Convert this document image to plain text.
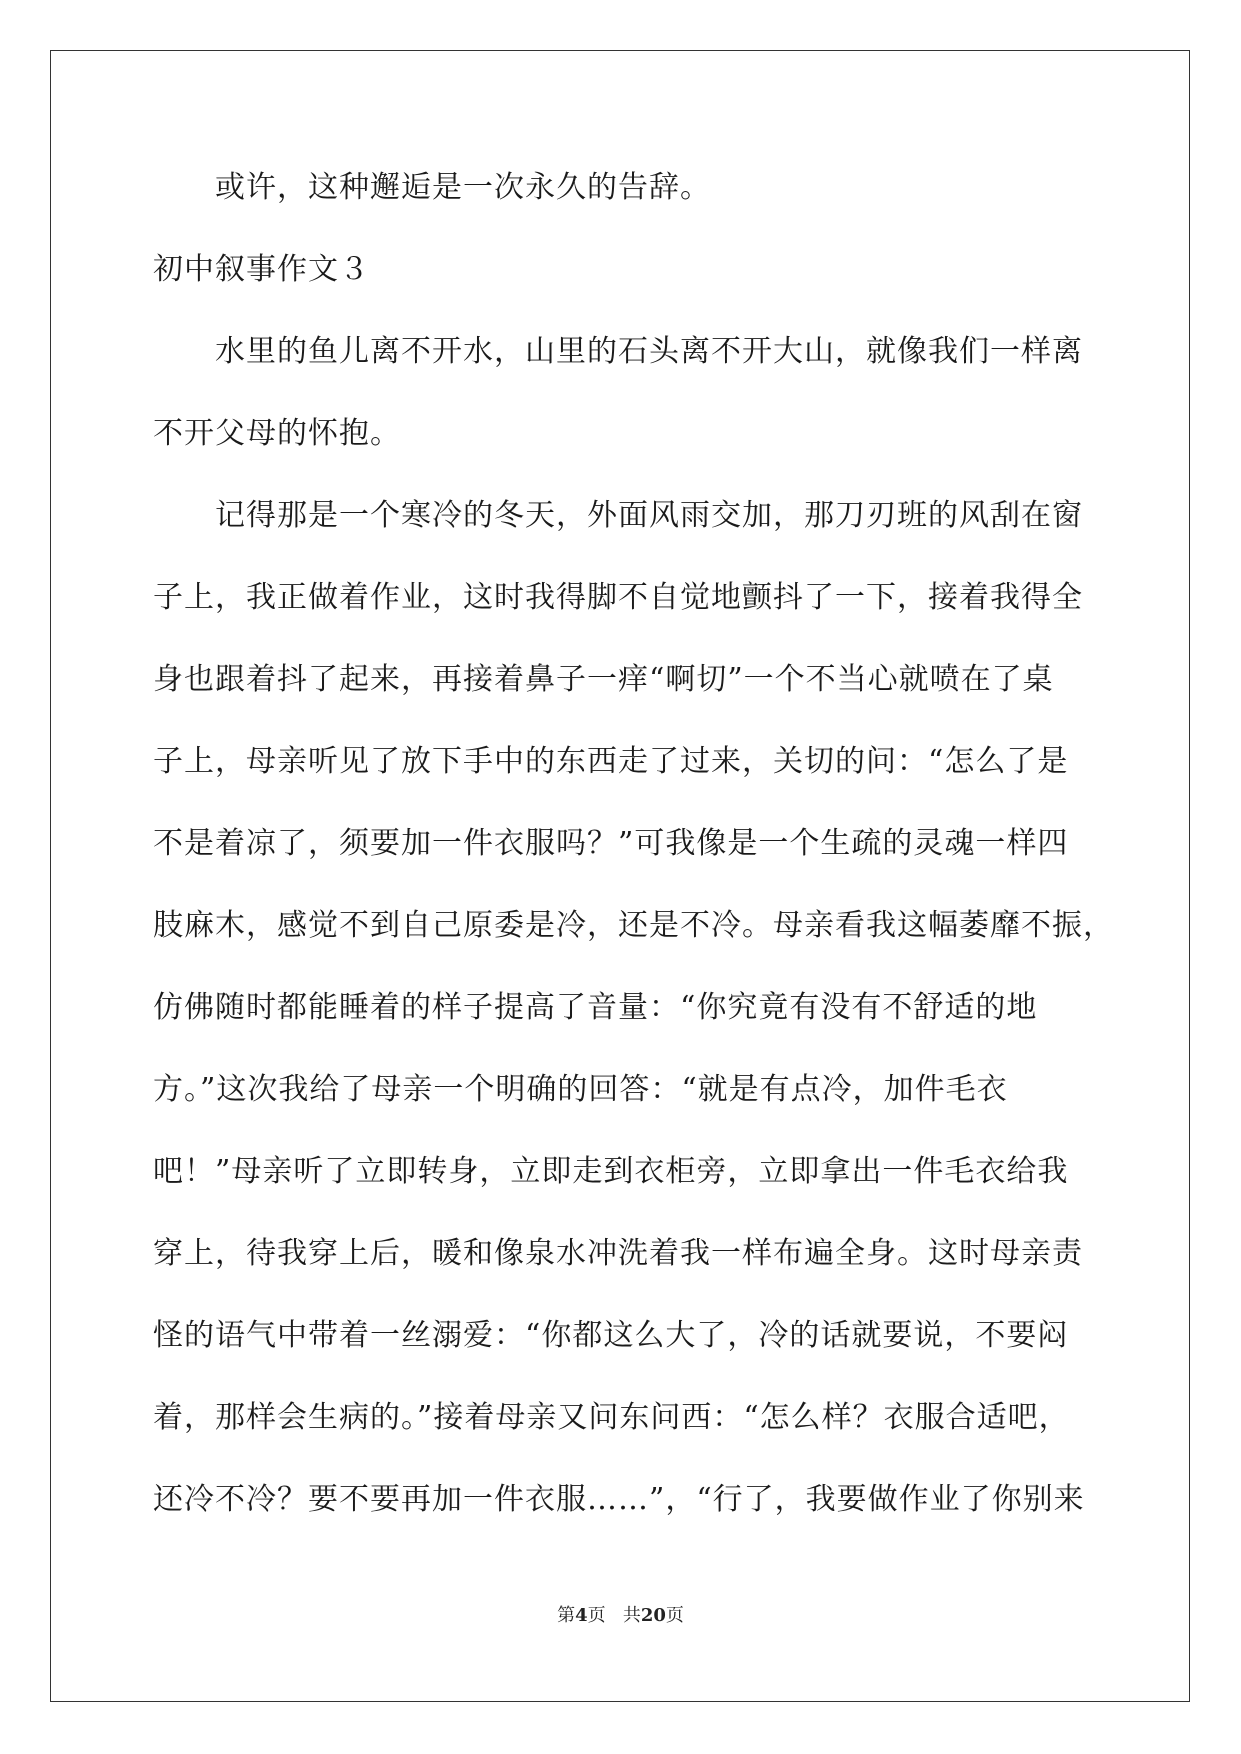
或许，这种邂逅是一次永久的告辞。

初中叙事作文３

水里的鱼儿离不开水，山里的石头离不开大山，就像我们一样离

不开父母的怀抱。

记得那是一个寒冷的冬天，外面风雨交加，那刀刃班的风刮在窗

子上，我正做着作业，这时我得脚不自觉地颤抖了一下，接着我得全

身也跟着抖了起来，再接着鼻子一痒“啊切”一个不当心就喷在了桌

子上，母亲听见了放下手中的东西走了过来，关切的问：“怎么了是

不是着凉了，须要加一件衣服吗？”可我像是一个生疏的灵魂一样四

肢麻木，感觉不到自己原委是冷，还是不冷。母亲看我这幅萎靡不振，

仿佛随时都能睡着的样子提高了音量：“你究竟有没有不舒适的地

方。”这次我给了母亲一个明确的回答：“就是有点冷，加件毛衣

吧！”母亲听了立即转身，立即走到衣柜旁，立即拿出一件毛衣给我

穿上，待我穿上后，暖和像泉水冲洗着我一样布遍全身。这时母亲责

怪的语气中带着一丝溺爱：“你都这么大了，冷的话就要说，不要闷

着，那样会生病的。”接着母亲又问东问西：“怎么样？衣服合适吧，

还冷不冷？要不要再加一件衣服……”，“行了，我要做作业了你别来

第4页 共20页
